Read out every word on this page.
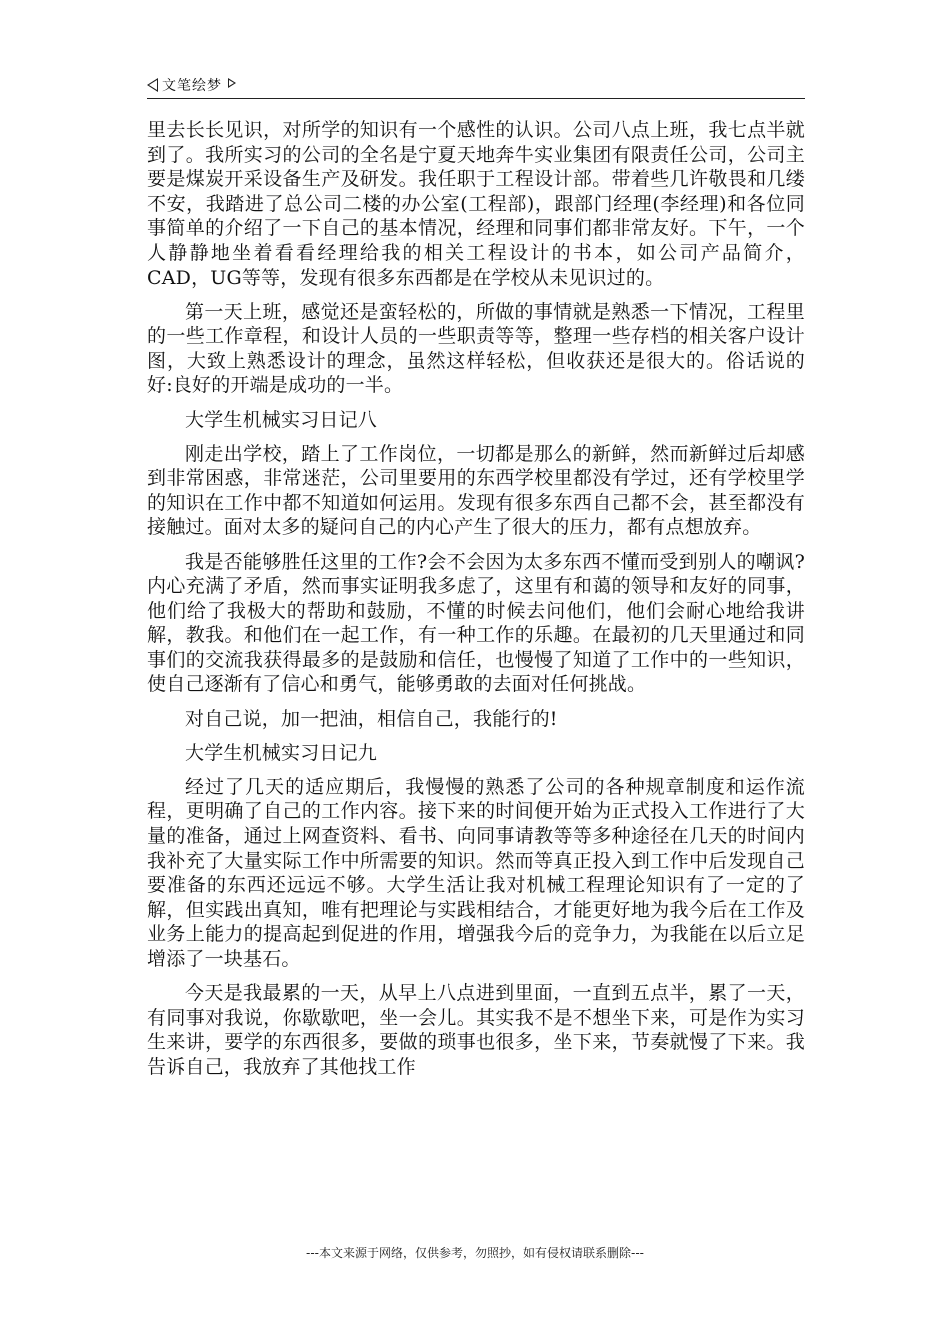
文笔绘梦

里去长长见识，对所学的知识有一个感性的认识。公司八点上班，我七点半就到了。我所实习的公司的全名是宁夏天地奔牛实业集团有限责任公司，公司主要是煤炭开采设备生产及研发。我任职于工程设计部。带着些几许敬畏和几缕不安，我踏进了总公司二楼的办公室(工程部)，跟部门经理(李经理)和各位同事简单的介绍了一下自己的基本情况，经理和同事们都非常友好。下午，一个人静静地坐着看看经理给我的相关工程设计的书本，如公司产品简介，CAD，UG等等，发现有很多东西都是在学校从未见识过的。

第一天上班，感觉还是蛮轻松的，所做的事情就是熟悉一下情况，工程里的一些工作章程，和设计人员的一些职责等等，整理一些存档的相关客户设计图，大致上熟悉设计的理念，虽然这样轻松，但收获还是很大的。俗话说的好:良好的开端是成功的一半。

大学生机械实习日记八

刚走出学校，踏上了工作岗位，一切都是那么的新鲜，然而新鲜过后却感到非常困惑，非常迷茫，公司里要用的东西学校里都没有学过，还有学校里学的知识在工作中都不知道如何运用。发现有很多东西自己都不会，甚至都没有接触过。面对太多的疑问自己的内心产生了很大的压力，都有点想放弃。

我是否能够胜任这里的工作?会不会因为太多东西不懂而受到别人的嘲讽?内心充满了矛盾，然而事实证明我多虑了，这里有和蔼的领导和友好的同事，他们给了我极大的帮助和鼓励，不懂的时候去问他们，他们会耐心地给我讲解，教我。和他们在一起工作，有一种工作的乐趣。在最初的几天里通过和同事们的交流我获得最多的是鼓励和信任，也慢慢了知道了工作中的一些知识，使自己逐渐有了信心和勇气，能够勇敢的去面对任何挑战。

对自己说，加一把油，相信自己，我能行的!

大学生机械实习日记九

经过了几天的适应期后，我慢慢的熟悉了公司的各种规章制度和运作流程，更明确了自己的工作内容。接下来的时间便开始为正式投入工作进行了大量的准备，通过上网查资料、看书、向同事请教等等多种途径在几天的时间内我补充了大量实际工作中所需要的知识。然而等真正投入到工作中后发现自己要准备的东西还远远不够。大学生活让我对机械工程理论知识有了一定的了解，但实践出真知，唯有把理论与实践相结合，才能更好地为我今后在工作及业务上能力的提高起到促进的作用，增强我今后的竞争力，为我能在以后立足增添了一块基石。

今天是我最累的一天，从早上八点进到里面，一直到五点半，累了一天，有同事对我说，你歇歇吧，坐一会儿。其实我不是不想坐下来，可是作为实习生来讲，要学的东西很多，要做的琐事也很多，坐下来，节奏就慢了下来。我告诉自己，我放弃了其他找工作

---本文来源于网络，仅供参考，勿照抄，如有侵权请联系删除---
